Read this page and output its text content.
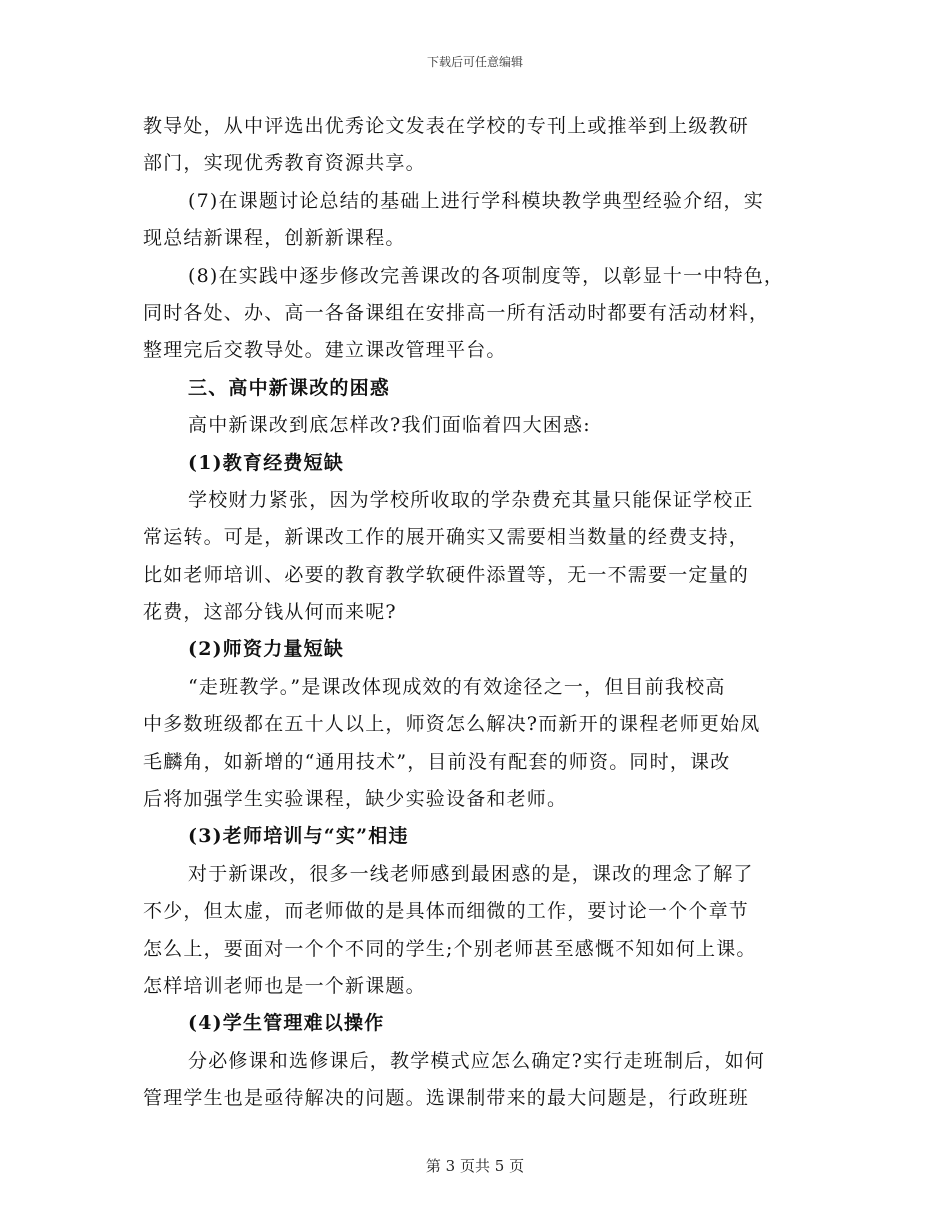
下载后可任意编辑
教导处，从中评选出优秀论文发表在学校的专刊上或推举到上级教研
部门，实现优秀教育资源共享。
(7)在课题讨论总结的基础上进行学科模块教学典型经验介绍，实
现总结新课程，创新新课程。
(8)在实践中逐步修改完善课改的各项制度等，以彰显十一中特色，
同时各处、办、高一各备课组在安排高一所有活动时都要有活动材料，
整理完后交教导处。建立课改管理平台。
三、高中新课改的困惑
高中新课改到底怎样改?我们面临着四大困惑:
(1)教育经费短缺
学校财力紧张，因为学校所收取的学杂费充其量只能保证学校正
常运转。可是，新课改工作的展开确实又需要相当数量的经费支持，
比如老师培训、必要的教育教学软硬件添置等，无一不需要一定量的
花费，这部分钱从何而来呢?
(2)师资力量短缺
“走班教学。”是课改体现成效的有效途径之一，但目前我校高
中多数班级都在五十人以上，师资怎么解决?而新开的课程老师更始凤
毛麟角，如新增的“通用技术”，目前没有配套的师资。同时，课改
后将加强学生实验课程，缺少实验设备和老师。
(3)老师培训与“实”相违
对于新课改，很多一线老师感到最困惑的是，课改的理念了解了
不少，但太虚，而老师做的是具体而细微的工作，要讨论一个个章节
怎么上，要面对一个个不同的学生;个别老师甚至感慨不知如何上课。
怎样培训老师也是一个新课题。
(4)学生管理难以操作
分必修课和选修课后，教学模式应怎么确定?实行走班制后，如何
管理学生也是亟待解决的问题。选课制带来的最大问题是，行政班班
第 3 页共 5 页
